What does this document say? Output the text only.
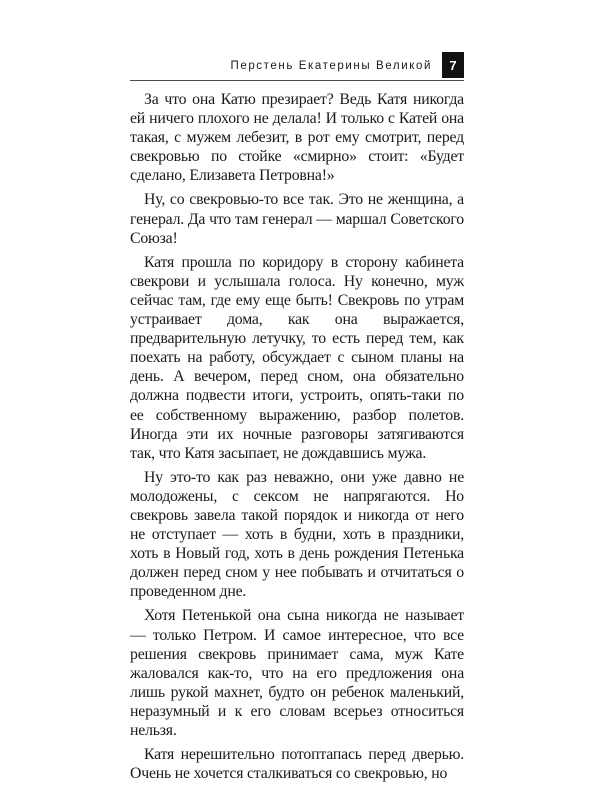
Перстень Екатерины Великой	7

За что она Катю презирает? Ведь Катя никогда ей ничего плохого не делала! И только с Катей она такая, с мужем лебезит, в рот ему смотрит, перед свекровью по стойке «смирно» стоит: «Будет сделано, Елизавета Петровна!»

Ну, со свекровью-то все так. Это не женщина, а генерал. Да что там генерал — маршал Советского Союза!

Катя прошла по коридору в сторону кабинета свекрови и услышала голоса. Ну конечно, муж сейчас там, где ему еще быть! Свекровь по утрам устраивает дома, как она выражается, предварительную летучку, то есть перед тем, как поехать на работу, обсуждает с сыном планы на день. А вечером, перед сном, она обязательно должна подвести итоги, устроить, опять-таки по ее собственному выражению, разбор полетов. Иногда эти их ночные разговоры затягиваются так, что Катя засыпает, не дождавшись мужа.

Ну это-то как раз неважно, они уже давно не молодожены, с сексом не напрягаются. Но свекровь завела такой порядок и никогда от него не отступает — хоть в будни, хоть в праздники, хоть в Новый год, хоть в день рождения Петенька должен перед сном у нее побывать и отчитаться о проведенном дне.

Хотя Петенькой она сына никогда не называет — только Петром. И самое интересное, что все решения свекровь принимает сама, муж Кате жаловался как-то, что на его предложения она лишь рукой махнет, будто он ребенок маленький, неразумный и к его словам всерьез относиться нельзя.

Катя нерешительно потоптапась перед дверью. Очень не хочется сталкиваться со свекровью, но
